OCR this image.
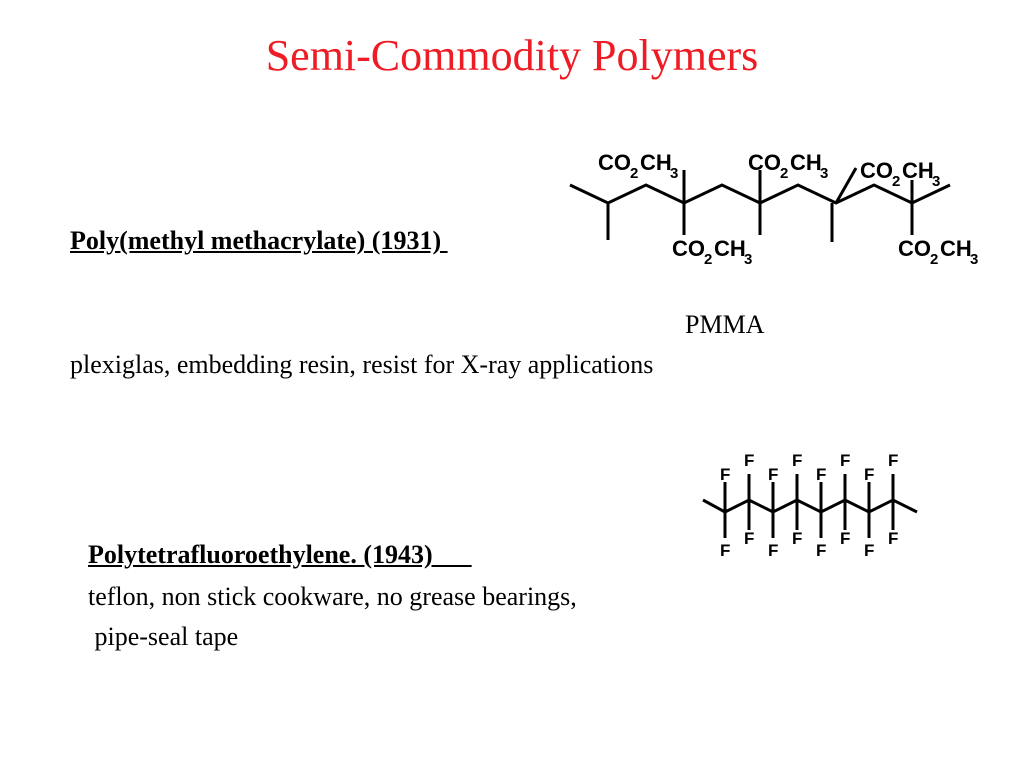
Semi-Commodity Polymers
Poly(methyl methacrylate) (1931)
CO 2 CH
3	CO 2 CH
3 CO 2 CH
3
CO 2 CH
3	CO 2 CH
3
PMMA
plexiglas, embedding resin, resist for X-ray applications
F
F
F
F
F
F
F
F
F
F
F
F
F
F
F
F
Polytetrafluoroethylene. (1943)
teflon, non stick cookware, no grease bearings,
pipe-seal tape
